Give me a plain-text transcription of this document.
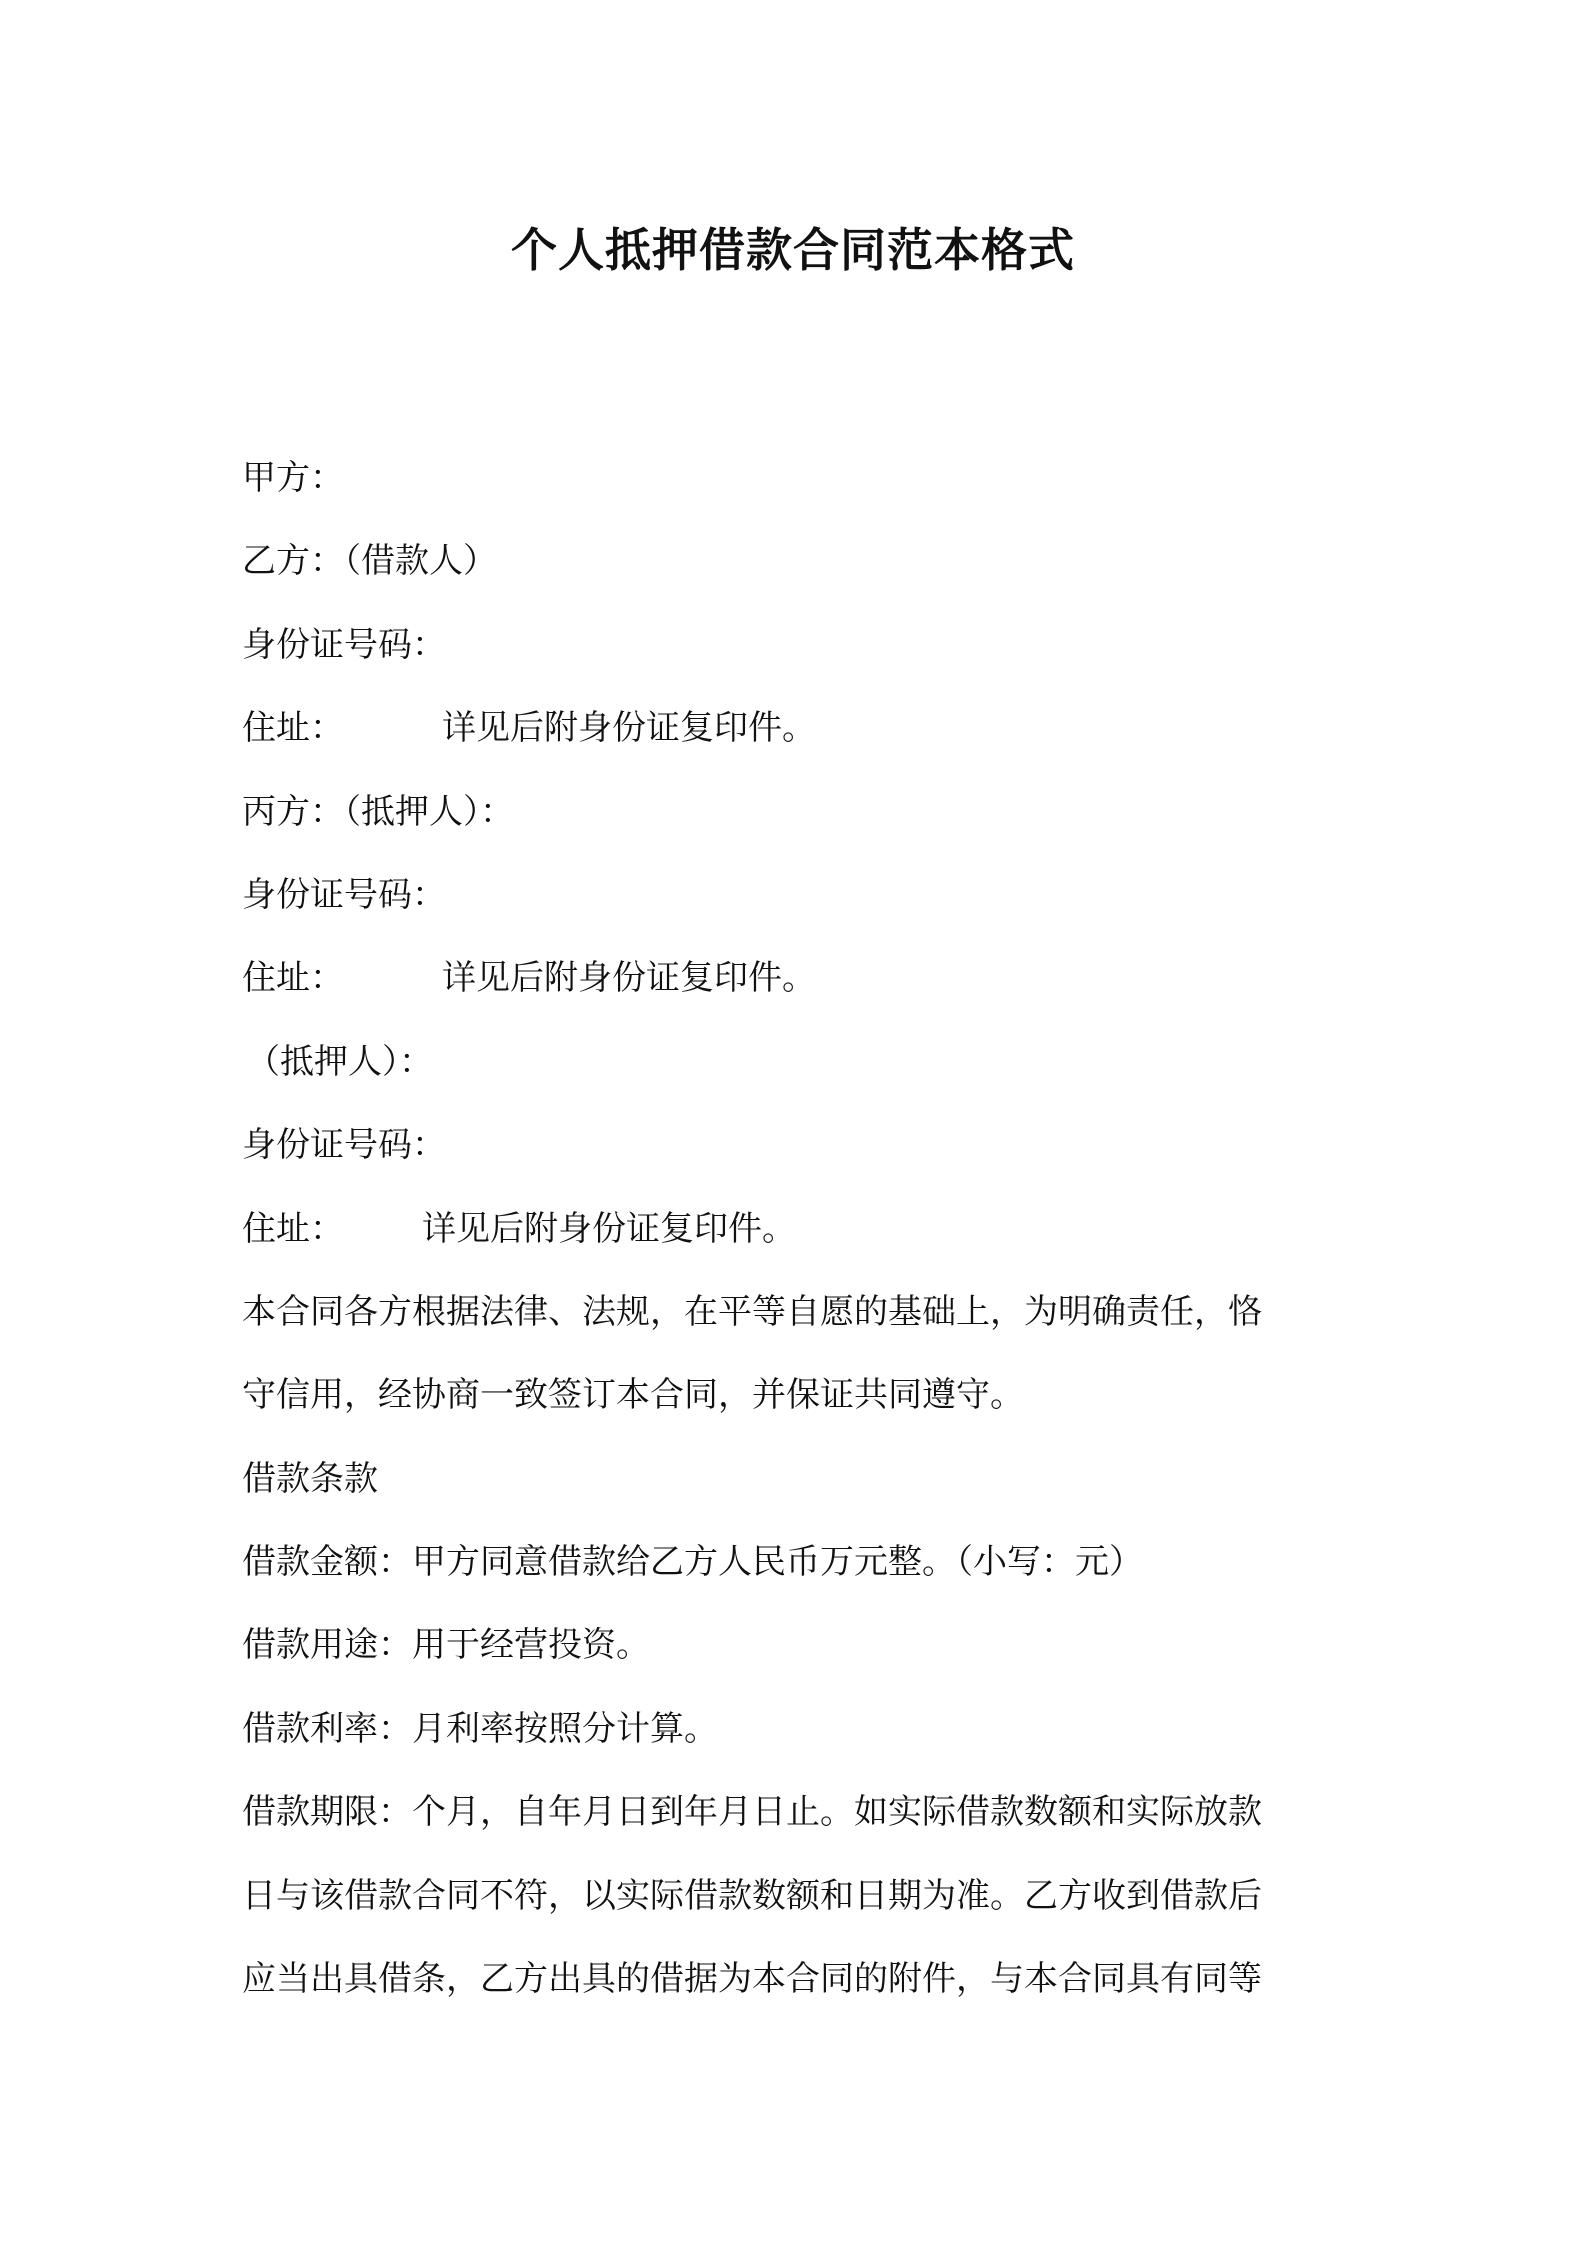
个人抵押借款合同范本格式
甲方：
乙方：（借款人）
身份证号码：
住址：	详见后附身份证复印件。
丙方：（抵押人）：
身份证号码：
住址：	详见后附身份证复印件。
（抵押人）：
身份证号码：
住址： 详见后附身份证复印件。
本合同各方根据法律、法规，在平等自愿的基础上，为明确责任，恪
守信用，经协商一致签订本合同，并保证共同遵守。
借款条款
借款金额：甲方同意借款给乙方人民币万元整。（小写：元）
借款用途：用于经营投资。
借款利率：月利率按照分计算。
借款期限：个月，自年月日到年月日止。如实际借款数额和实际放款
日与该借款合同不符，以实际借款数额和日期为准。乙方收到借款后
应当出具借条，乙方出具的借据为本合同的附件，与本合同具有同等
